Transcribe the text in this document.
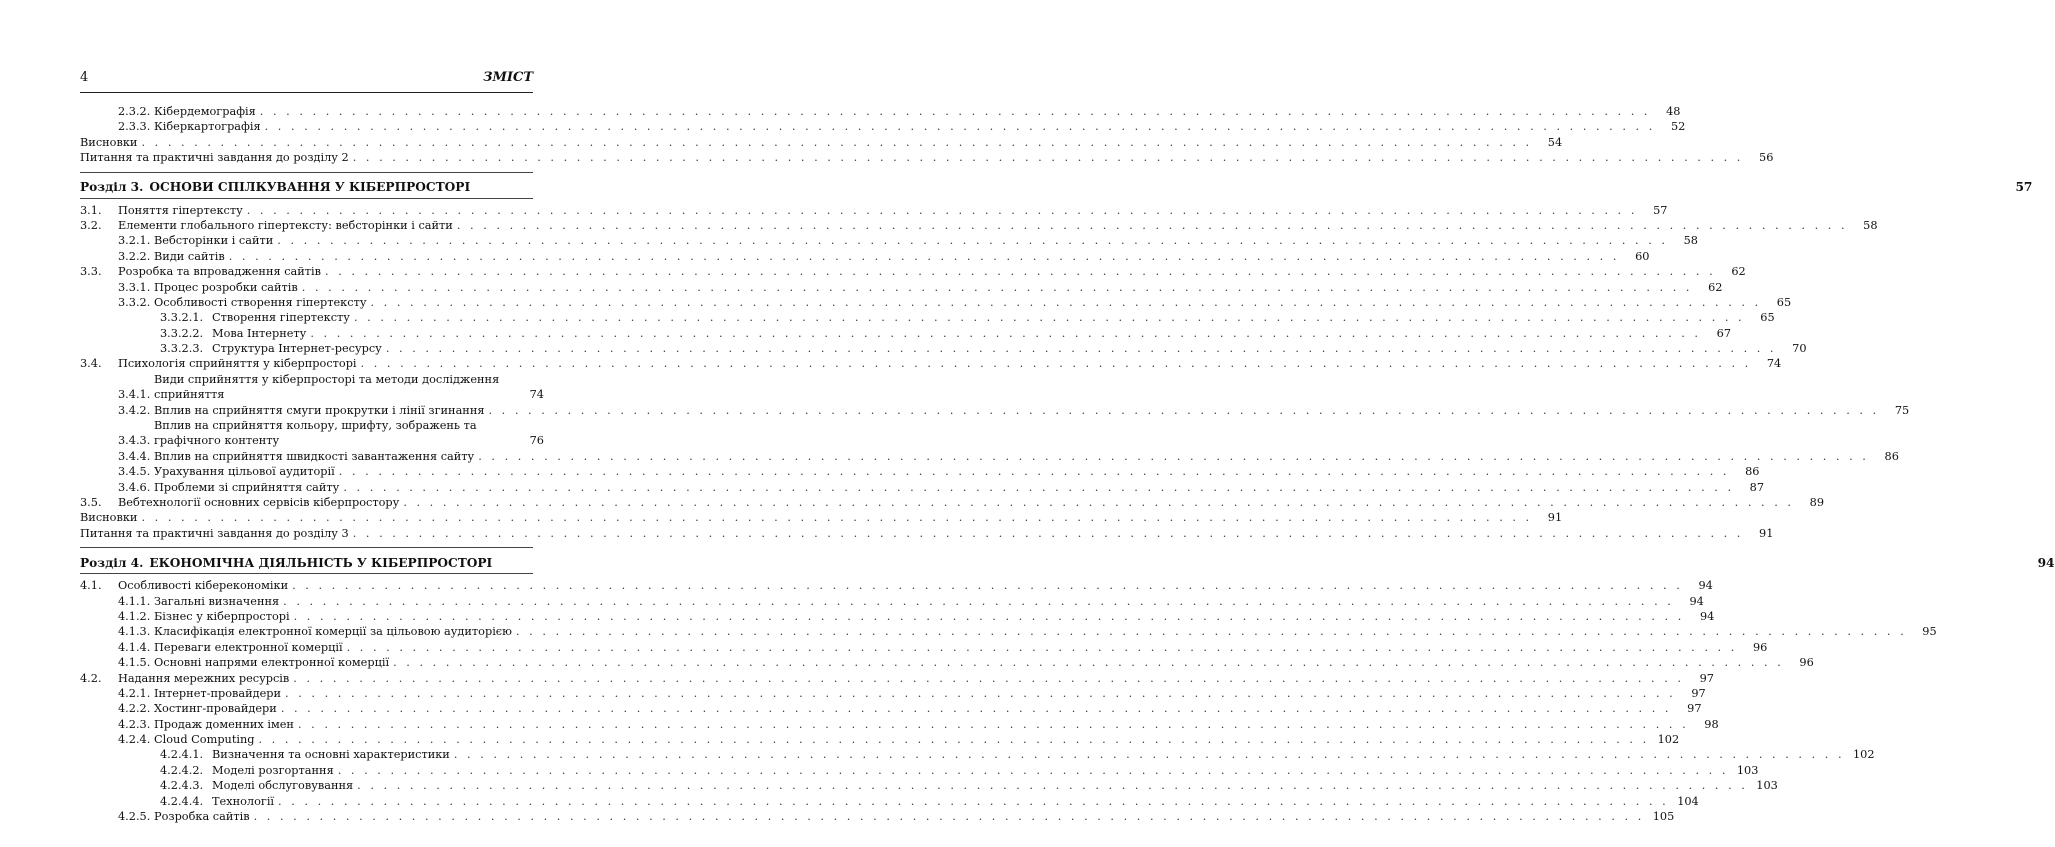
4	ЗМІСТ
2.3.2. Кібердемографія . . .	48
2.3.3. Кіберкартографія . . .	52
Висновки . . .	54
Питання та практичні завдання до розділу 2 . . .	56
Розділ 3. ОСНОВИ СПІЛКУВАННЯ У КІБЕРПРОСТОРІ	57
3.1.	Поняття гіпертексту . . .	57
3.2.	Елементи глобального гіпертексту: вебсторінки і сайти . . .	58
3.2.1. Вебсторінки і сайти . . .	58
3.2.2. Види сайтів . . .	60
3.3.	Розробка та впровадження сайтів . . .	62
3.3.1. Процес розробки сайтів . . .	62
3.3.2. Особливості створення гіпертексту . . .	65
3.3.2.1. Створення гіпертексту . . .	65
3.3.2.2. Мова Інтернету . . .	67
3.3.2.3. Структура Інтернет-ресурсу . . .	70
3.4.	Психологія сприйняття у кіберпросторі . . .	74
3.4.1.
Види сприйняття у кіберпросторі та методи дослідження сприйняття	74
3.4.2. Вплив на сприйняття смуги прокрутки і лінії згинання . . .	75
3.4.3.
Вплив на сприйняття кольору, шрифту, зображень та графічного контенту	76
3.4.4. Вплив на сприйняття швидкості завантаження сайту . . .	86
3.4.5. Урахування цільової аудиторії . . .	86
3.4.6. Проблеми зі сприйняття сайту . . .	87
3.5.	Вебтехнології основних сервісів кіберпростору . . .	89
Висновки . . .	91
Питання та практичні завдання до розділу 3 . . .	91
Розділ 4. ЕКОНОМІЧНА ДІЯЛЬНІСТЬ У КІБЕРПРОСТОРІ	94
4.1.	Особливості кіберекономіки . . .	94
4.1.1. Загальні визначення . . .	94
4.1.2. Бізнес у кіберпросторі . . .	94
4.1.3. Класифікація електронної комерції за цільовою аудиторією . . .	95
4.1.4. Переваги електронної комерції . . .	96
4.1.5. Основні напрями електронної комерції . . .	96
4.2.	Надання мережних ресурсів . . .	97
4.2.1. Інтернет-провайдери . . .	97
4.2.2. Хостинг-провайдери . . .	97
4.2.3. Продаж доменних імен . . .	98
4.2.4. Cloud Computing . . .	102
4.2.4.1. Визначення та основні характеристики . . .	102
4.2.4.2. Моделі розгортання . . .	103
4.2.4.3. Моделі обслуговування . . .	103
4.2.4.4. Технології . . .	104
4.2.5. Розробка сайтів . . .	105
